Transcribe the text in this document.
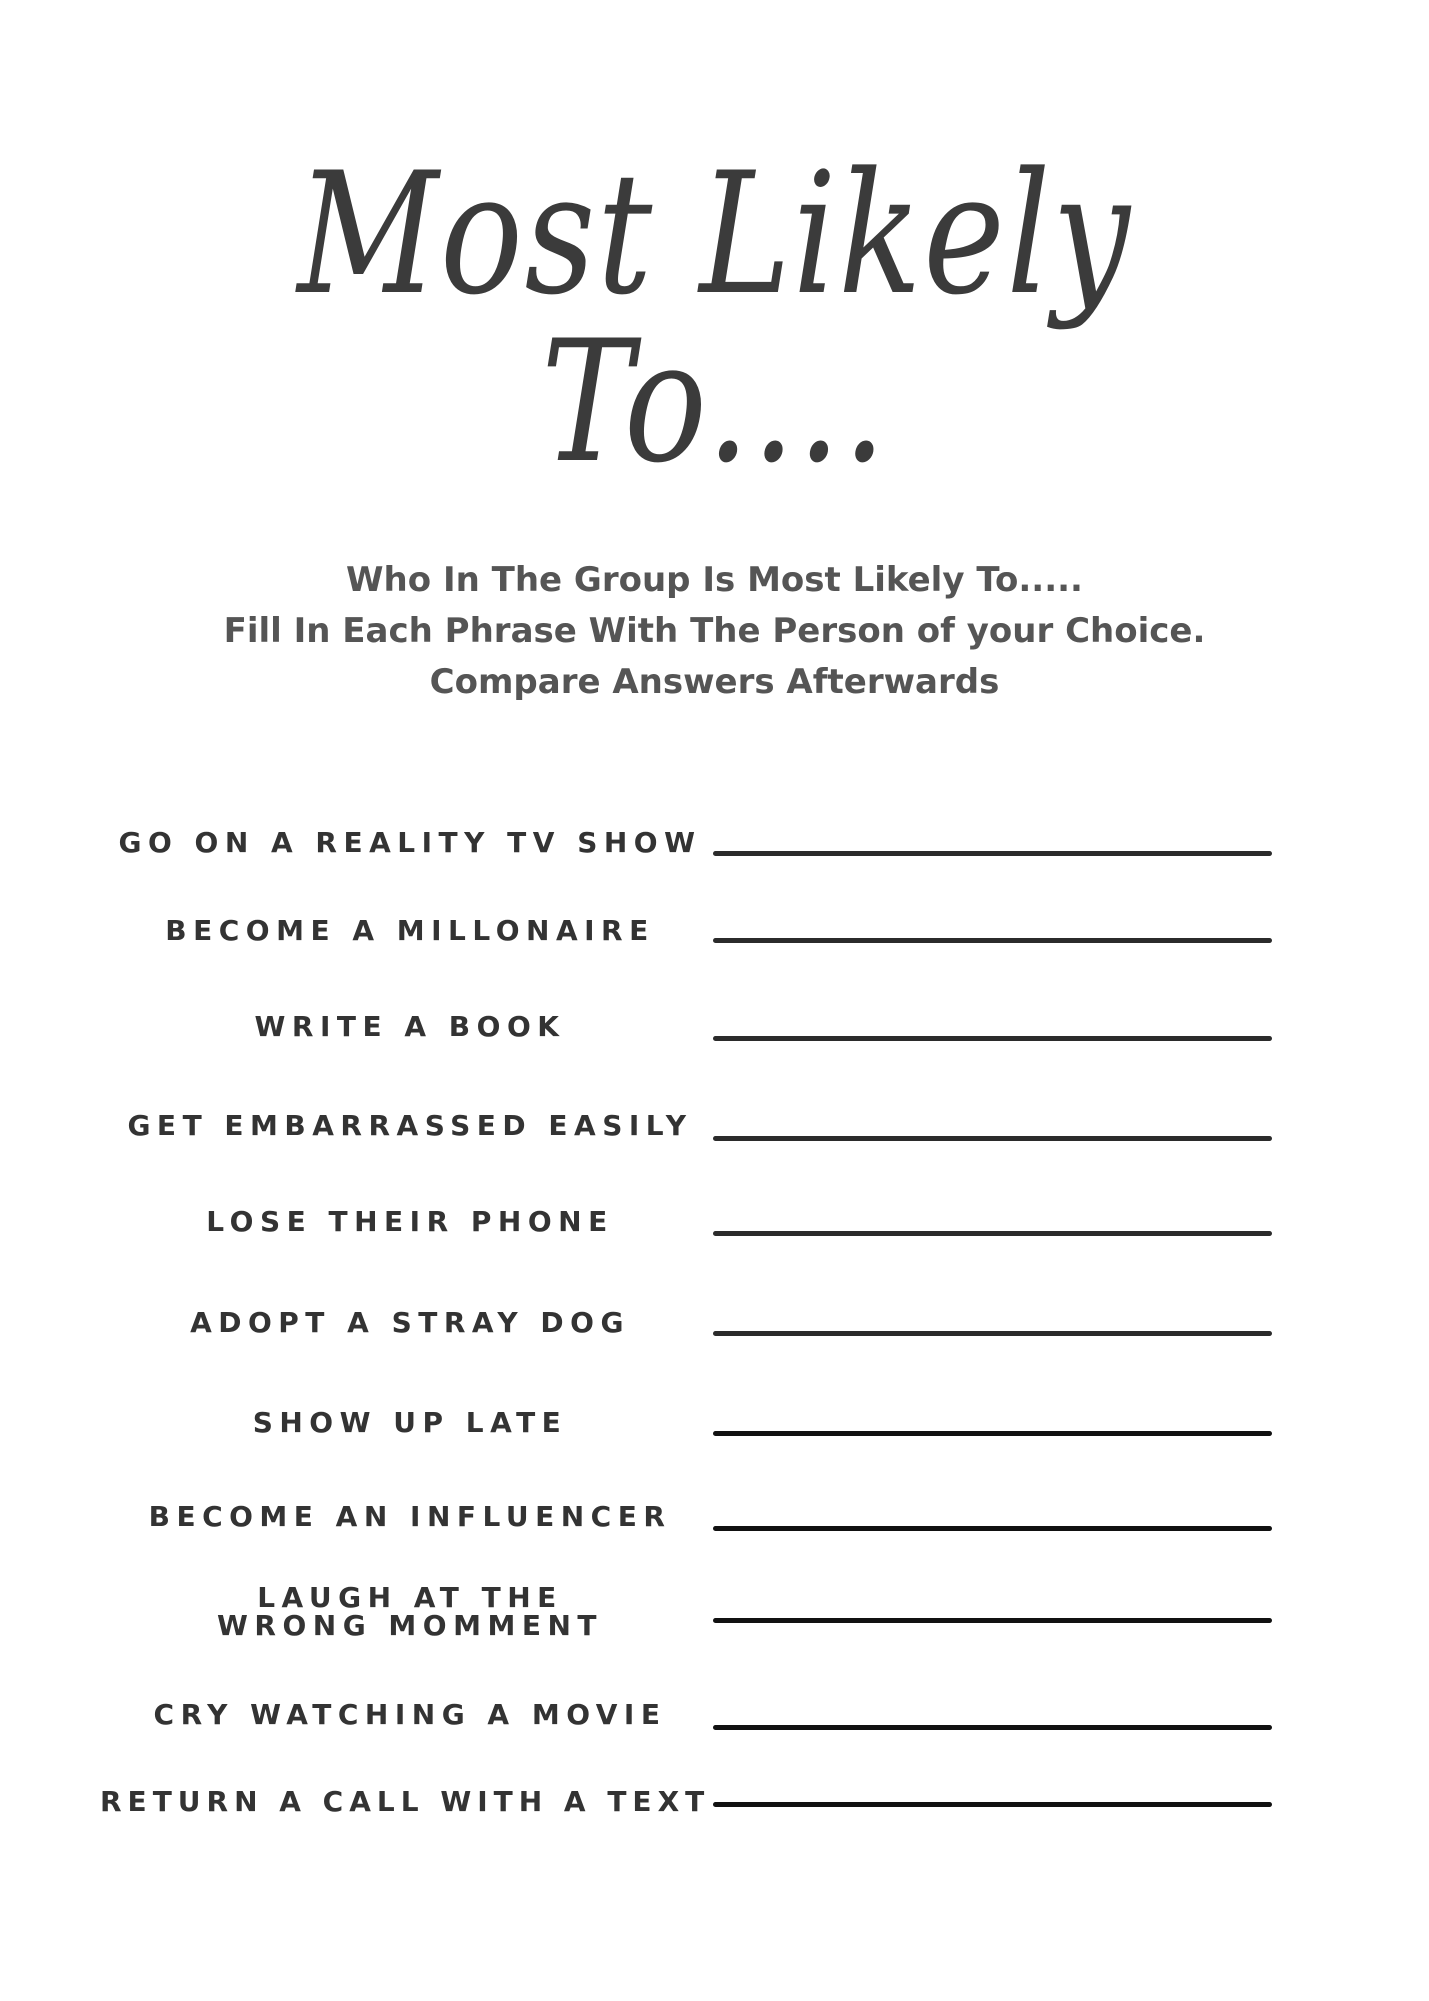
Most Likely To....
Who In The Group Is Most Likely To.....
Fill In Each Phrase With The Person of your Choice.
Compare Answers Afterwards
GO ON A REALITY TV SHOW
BECOME A MILLONAIRE
WRITE A BOOK
GET EMBARRASSED EASILY
LOSE THEIR PHONE
ADOPT A STRAY DOG
SHOW UP LATE
BECOME AN INFLUENCER
LAUGH AT THE WRONG MOMMENT
CRY WATCHING A MOVIE
RETURN A CALL WITH A TEXT
